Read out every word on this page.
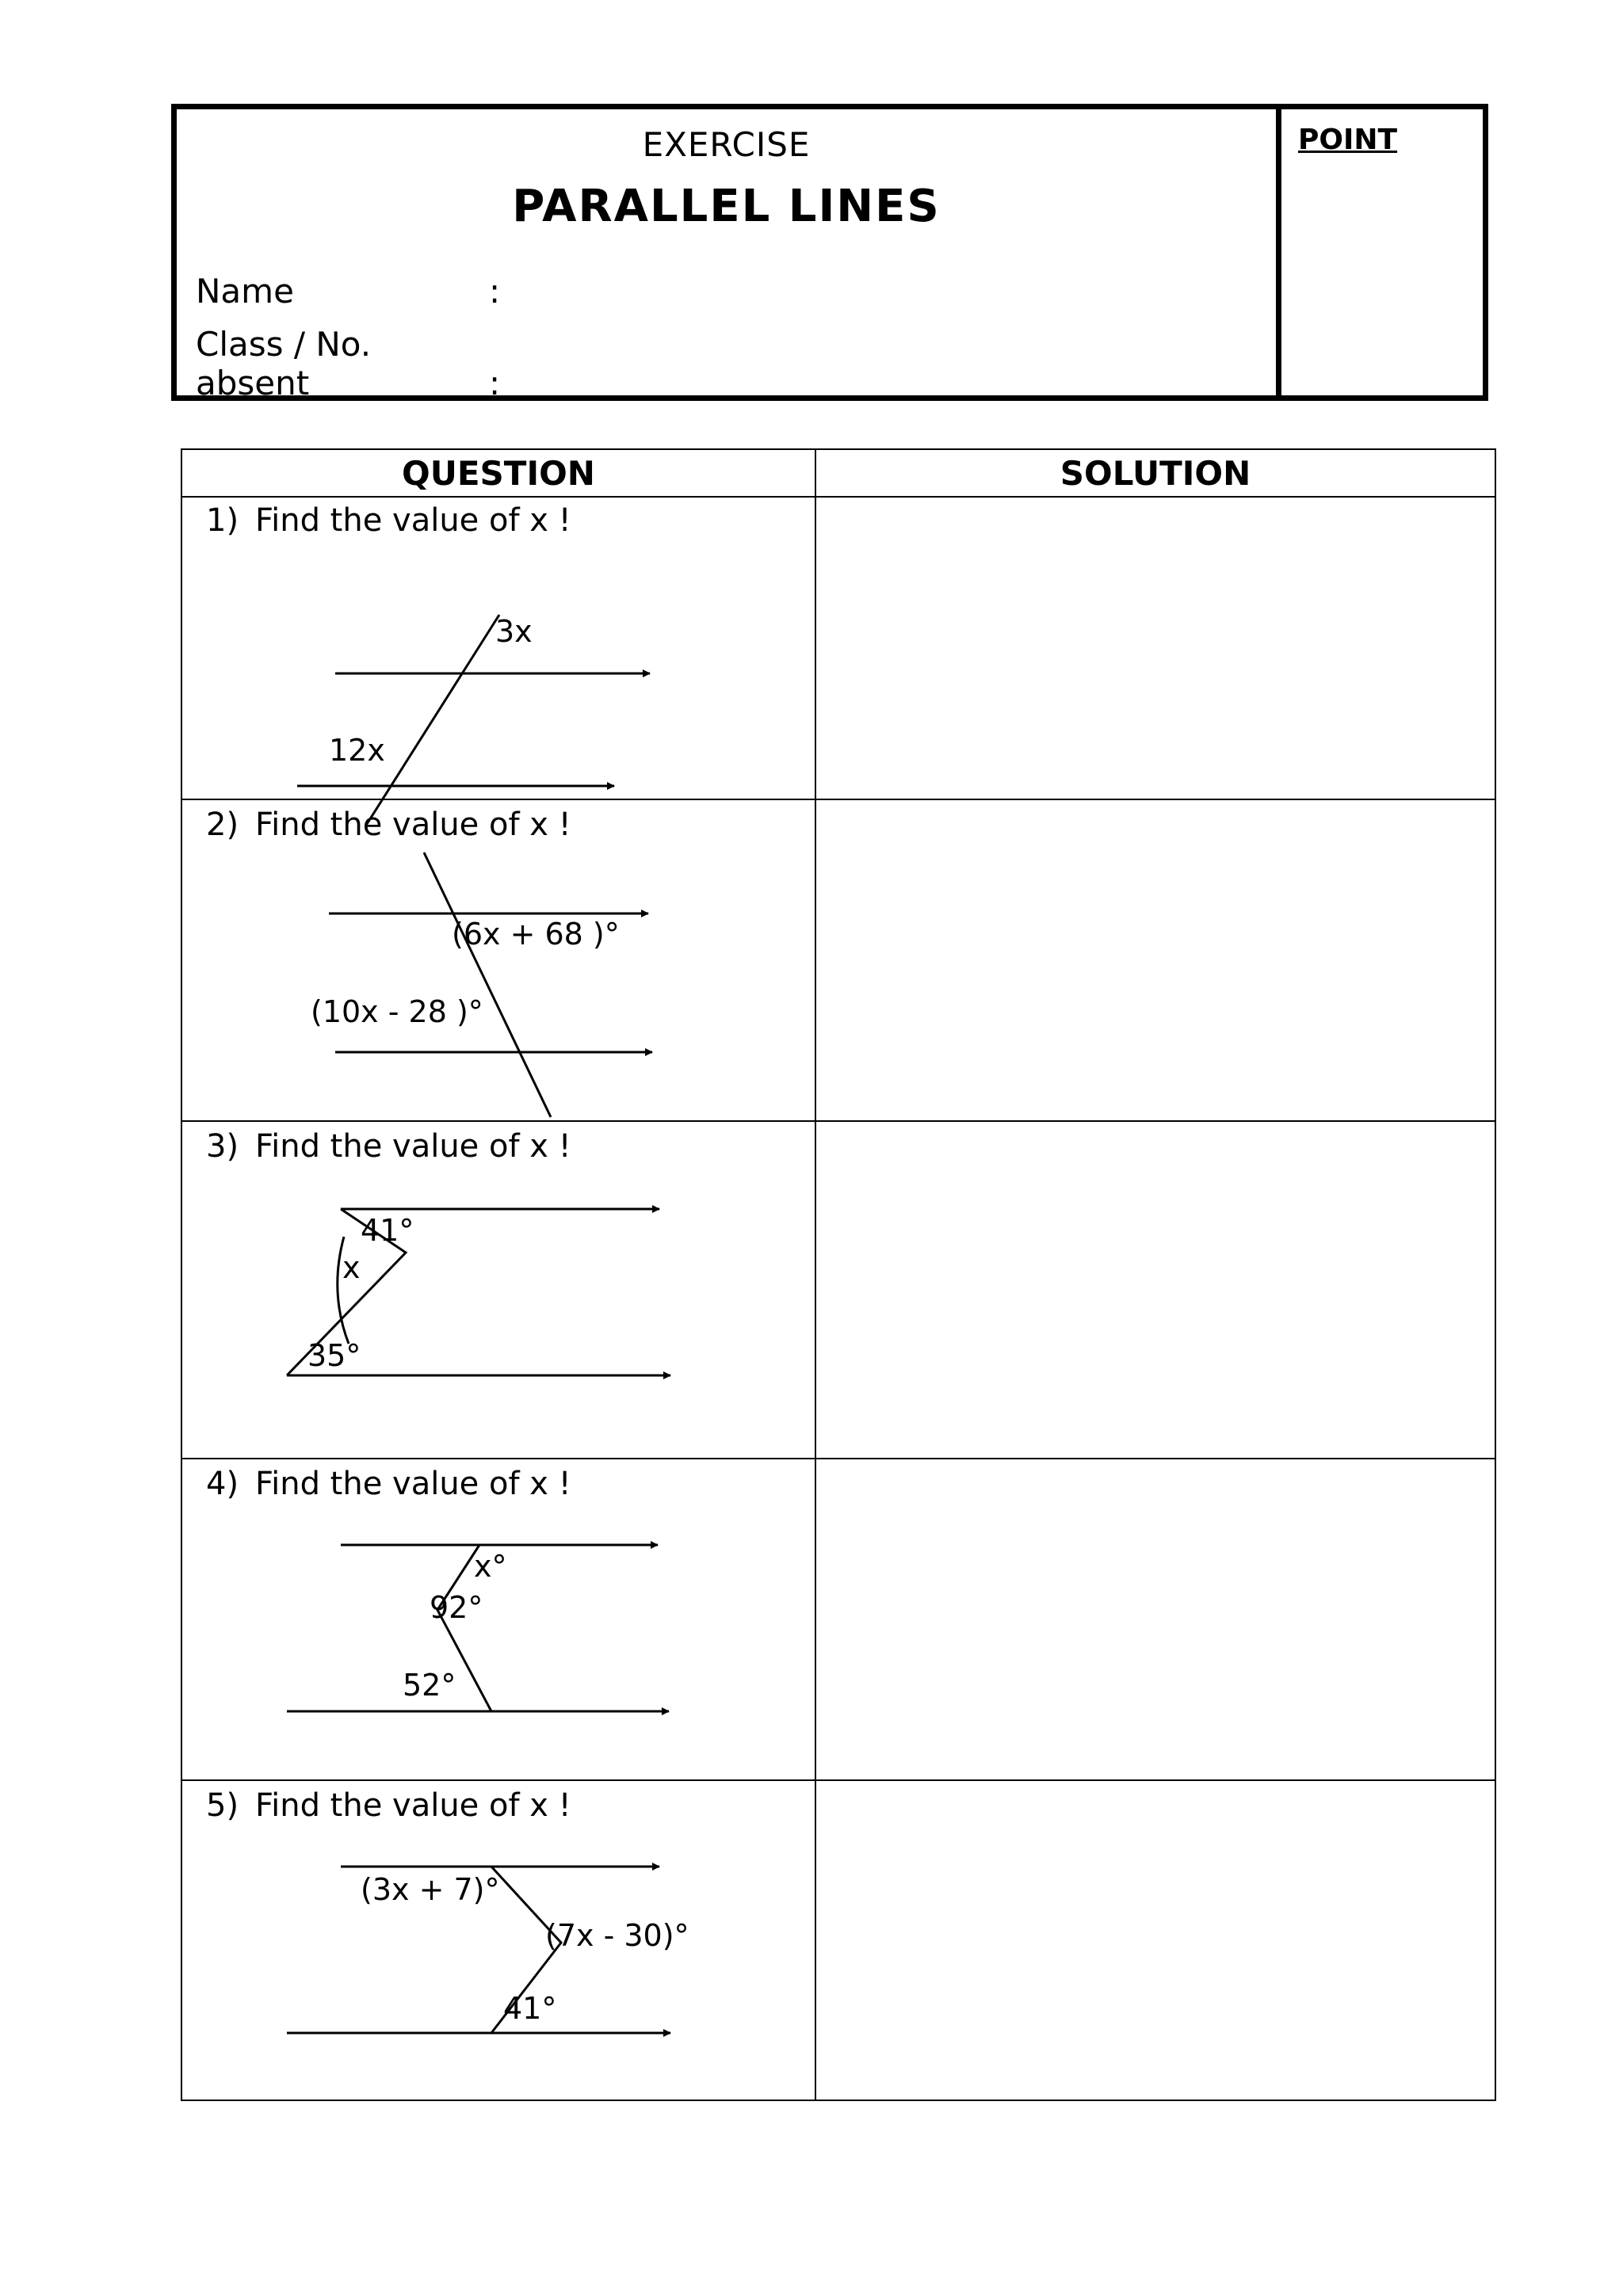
EXERCISE
PARALLEL LINES
Name	:
Class / No. absent	:
POINT
QUESTION	SOLUTION
1) Find the value of x !
3x
12x
2) Find the value of x !
(6x + 68 )°
(10x - 28 )°
3) Find the value of x !
41°
x
35°
4) Find the value of x !
x°
92°
52°
5) Find the value of x !
(3x + 7)°
(7x - 30)°
41°
